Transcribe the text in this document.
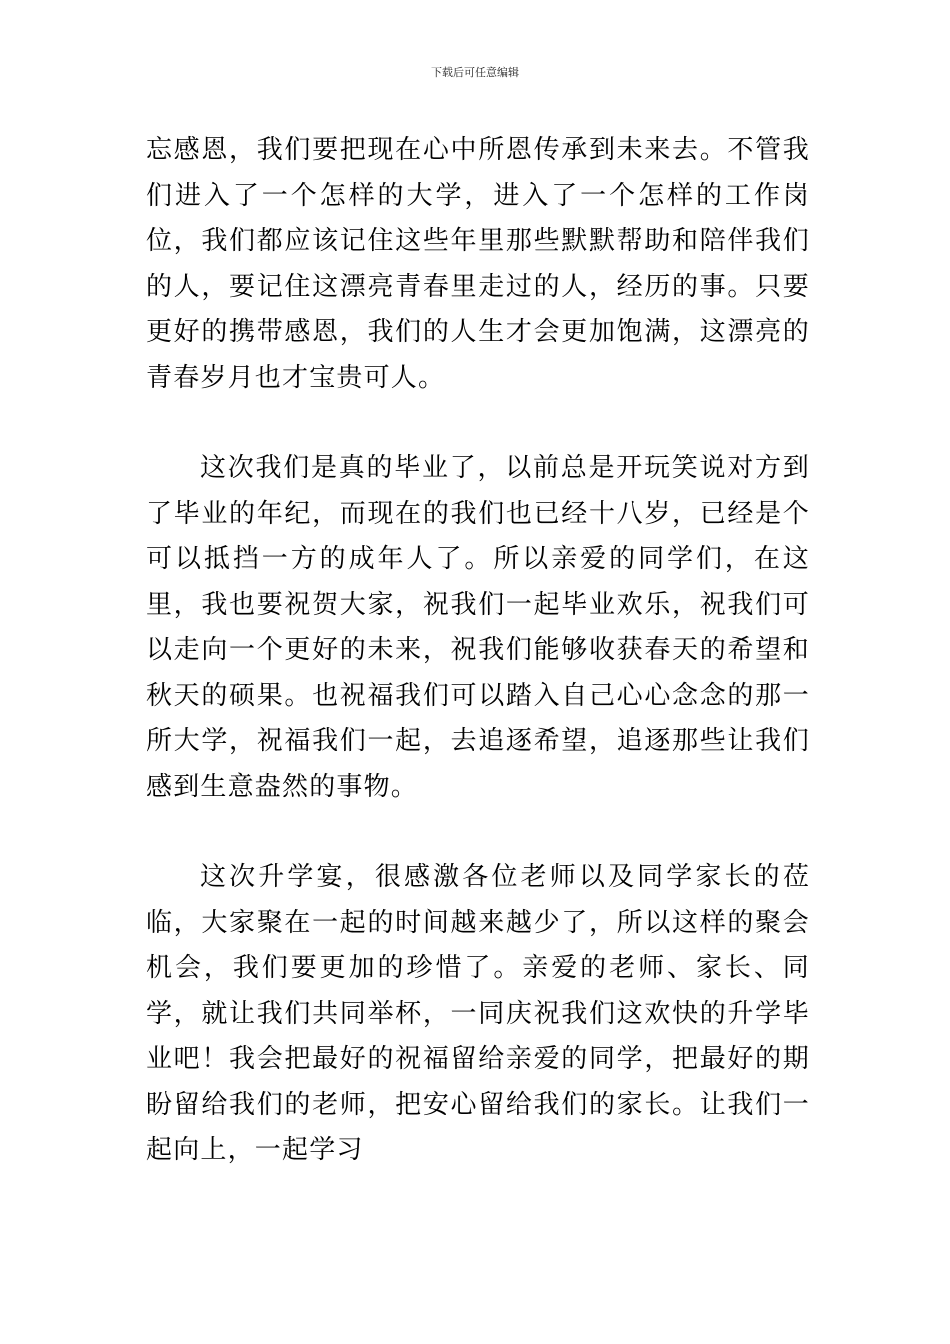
下载后可任意编辑

忘感恩，我们要把现在心中所恩传承到未来去。不管我们进入了一个怎样的大学，进入了一个怎样的工作岗位，我们都应该记住这些年里那些默默帮助和陪伴我们的人，要记住这漂亮青春里走过的人，经历的事。只要更好的携带感恩，我们的人生才会更加饱满，这漂亮的青春岁月也才宝贵可人。

这次我们是真的毕业了，以前总是开玩笑说对方到了毕业的年纪，而现在的我们也已经十八岁，已经是个可以抵挡一方的成年人了。所以亲爱的同学们，在这里，我也要祝贺大家，祝我们一起毕业欢乐，祝我们可以走向一个更好的未来，祝我们能够收获春天的希望和秋天的硕果。也祝福我们可以踏入自己心心念念的那一所大学，祝福我们一起，去追逐希望，追逐那些让我们感到生意盎然的事物。

这次升学宴，很感激各位老师以及同学家长的莅临，大家聚在一起的时间越来越少了，所以这样的聚会机会，我们要更加的珍惜了。亲爱的老师、家长、同学，就让我们共同举杯，一同庆祝我们这欢快的升学毕业吧！我会把最好的祝福留给亲爱的同学，把最好的期盼留给我们的老师，把安心留给我们的家长。让我们一起向上，一起学习
